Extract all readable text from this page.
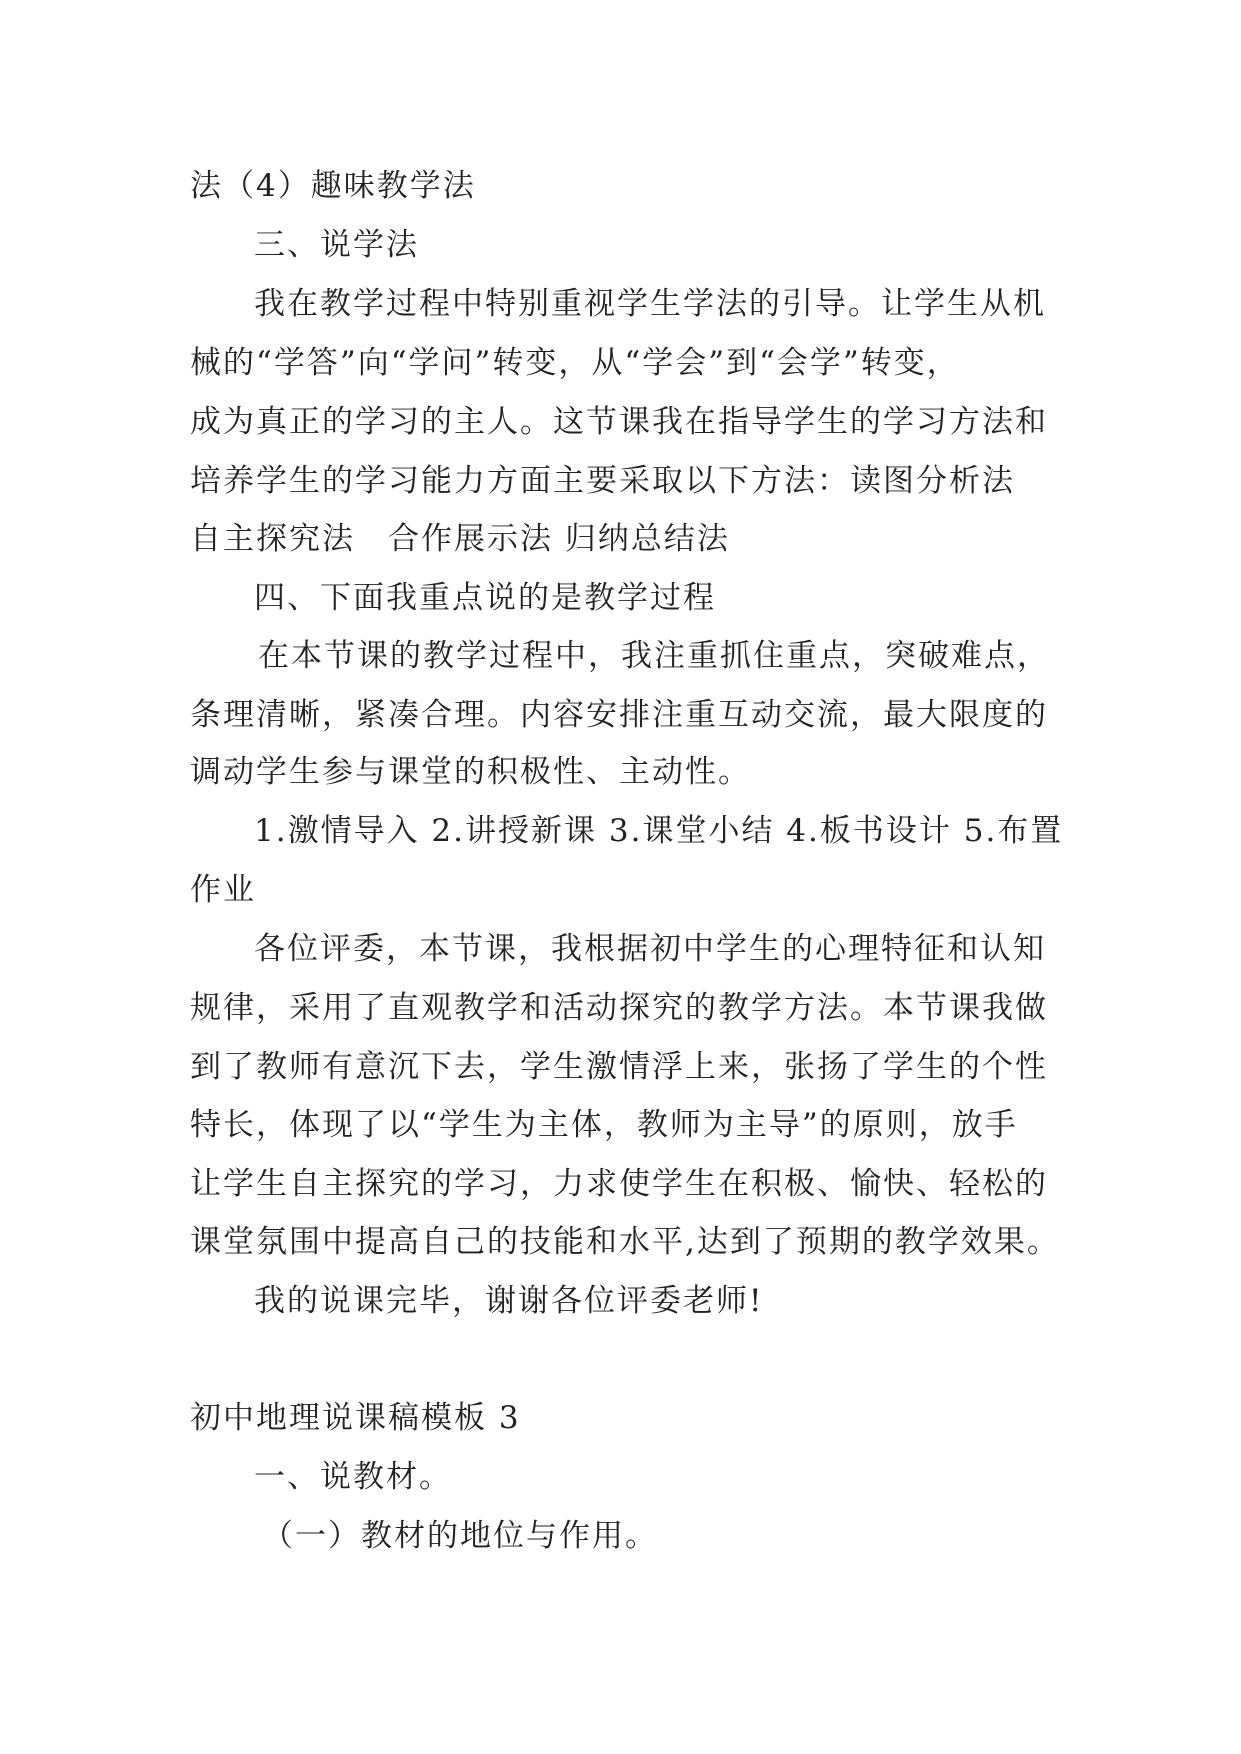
法（4）趣味教学法
三、说学法
我在教学过程中特别重视学生学法的引导。让学生从机
械的“学答”向“学问”转变，从“学会”到“会学”转变，
成为真正的学习的主人。这节课我在指导学生的学习方法和
培养学生的学习能力方面主要采取以下方法：读图分析法
自主探究法　合作展示法 归纳总结法
四、下面我重点说的是教学过程
在本节课的教学过程中，我注重抓住重点，突破难点，
条理清晰，紧凑合理。内容安排注重互动交流，最大限度的
调动学生参与课堂的积极性、主动性。
1.激情导入 2.讲授新课 3.课堂小结 4.板书设计 5.布置
作业
各位评委，本节课，我根据初中学生的心理特征和认知
规律，采用了直观教学和活动探究的教学方法。本节课我做
到了教师有意沉下去，学生激情浮上来，张扬了学生的个性
特长，体现了以“学生为主体，教师为主导”的原则，放手
让学生自主探究的学习，力求使学生在积极、愉快、轻松的
课堂氛围中提高自己的技能和水平,达到了预期的教学效果。
我的说课完毕，谢谢各位评委老师!
初中地理说课稿模板 3
一、说教材。
（一）教材的地位与作用。
